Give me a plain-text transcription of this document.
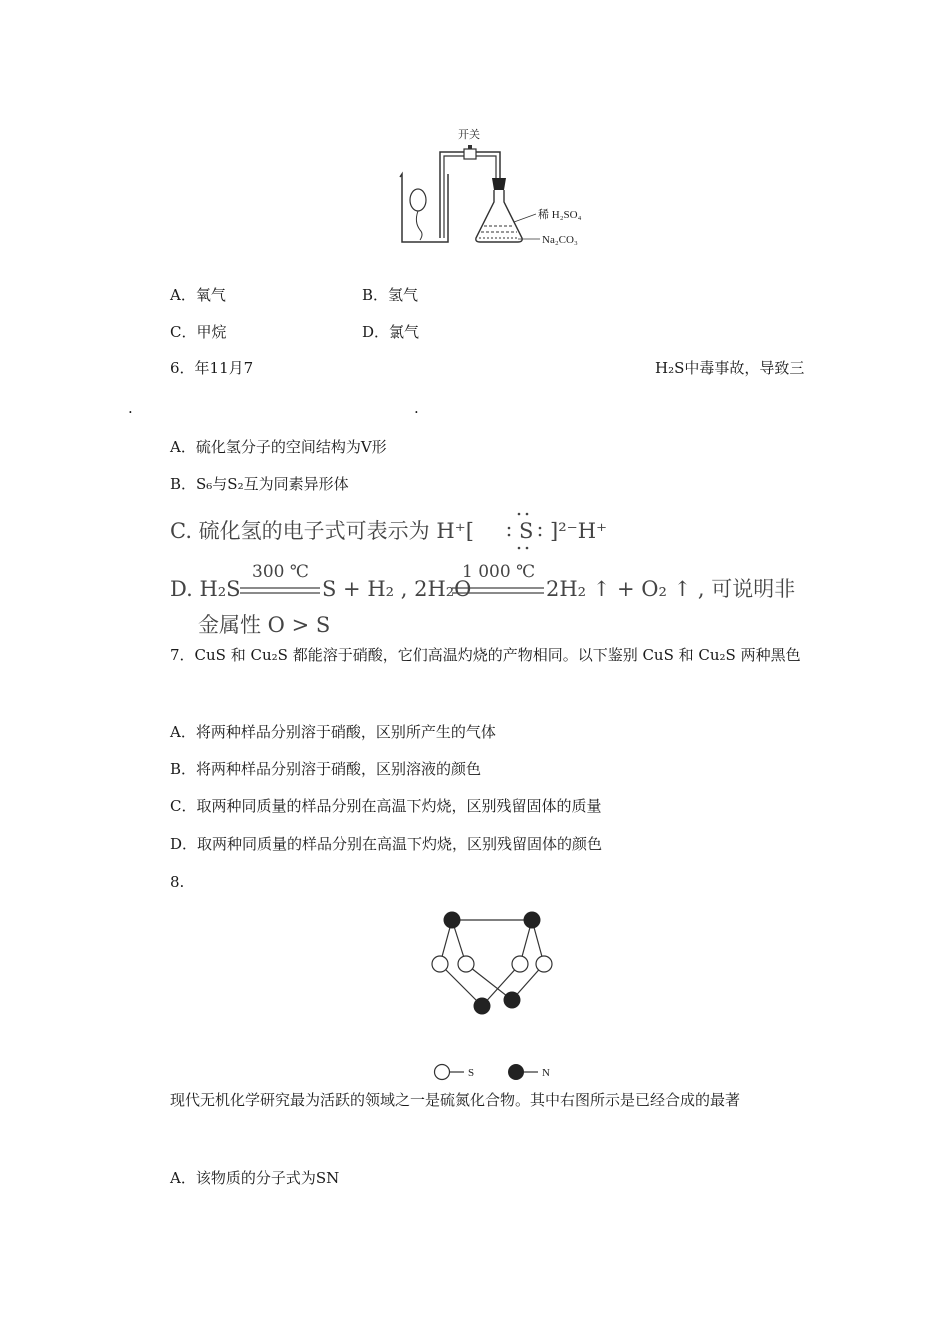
开关
稀 H₂SO₄
Na₂CO₃
A．氧气	B．氢气
C．甲烷	D．氯气
6．年11月7	H₂S中毒事故，导致三
.	.
A．硫化氢分子的空间结构为V形
B．S₆与S₂互为同素异形体
C. 硫化氢的电子式可表示为 H⁺[ S ]²⁻H⁺
D. H₂S
300 ℃
S + H₂ , 2H₂O
1 000 ℃
2H₂ ↑ + O₂ ↑ , 可说明非
金属性 O > S
7．CuS 和 Cu₂S 都能溶于硝酸，它们高温灼烧的产物相同。以下鉴别 CuS 和 Cu₂S 两种黑色
A．将两种样品分别溶于硝酸，区别所产生的气体
B．将两种样品分别溶于硝酸，区别溶液的颜色
C．取两种同质量的样品分别在高温下灼烧，区别残留固体的质量
D．取两种同质量的样品分别在高温下灼烧，区别残留固体的颜色
8.
S	N
现代无机化学研究最为活跃的领域之一是硫氮化合物。其中右图所示是已经合成的最著
A．该物质的分子式为SN
